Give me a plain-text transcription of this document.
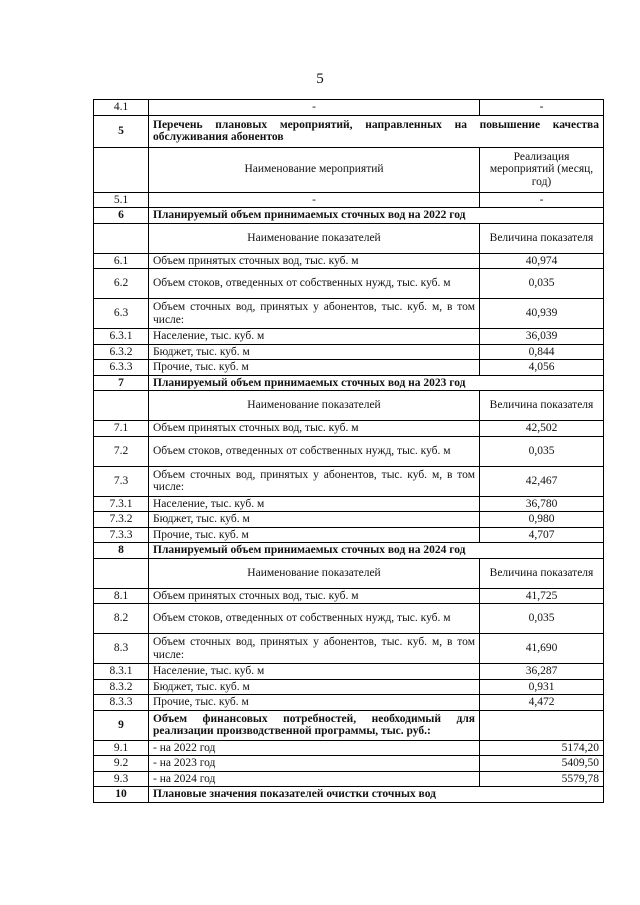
5
4.1	-	-
5	Перечень плановых мероприятий, направленных на повышение качества обслуживания абонентов	
	Наименование мероприятий	Реализация мероприятий (месяц, год)
5.1	-	-
6	Планируемый объем принимаемых сточных вод на 2022 год	
	Наименование показателей	Величина показателя
6.1	Объем принятых сточных вод, тыс. куб. м	40,974
6.2	Объем стоков, отведенных от собственных нужд, тыс. куб. м	0,035
6.3	Объем сточных вод, принятых у абонентов, тыс. куб. м, в том числе:	40,939
6.3.1	Население, тыс. куб. м	36,039
6.3.2	Бюджет, тыс. куб. м	0,844
6.3.3	Прочие, тыс. куб. м	4,056
7	Планируемый объем принимаемых сточных вод на 2023 год	
	Наименование показателей	Величина показателя
7.1	Объем принятых сточных вод, тыс. куб. м	42,502
7.2	Объем стоков, отведенных от собственных нужд, тыс. куб. м	0,035
7.3	Объем сточных вод, принятых у абонентов, тыс. куб. м, в том числе:	42,467
7.3.1	Население, тыс. куб. м	36,780
7.3.2	Бюджет, тыс. куб. м	0,980
7.3.3	Прочие, тыс. куб. м	4,707
8	Планируемый объем принимаемых сточных вод на 2024 год	
	Наименование показателей	Величина показателя
8.1	Объем принятых сточных вод, тыс. куб. м	41,725
8.2	Объем стоков, отведенных от собственных нужд, тыс. куб. м	0,035
8.3	Объем сточных вод, принятых у абонентов, тыс. куб. м, в том числе:	41,690
8.3.1	Население, тыс. куб. м	36,287
8.3.2	Бюджет, тыс. куб. м	0,931
8.3.3	Прочие, тыс. куб. м	4,472
9	Объем финансовых потребностей, необходимый для реализации производственной программы, тыс. руб.:	
9.1	- на 2022 год	5174,20
9.2	- на 2023 год	5409,50
9.3	- на 2024 год	5579,78
10	Плановые значения показателей очистки сточных вод	
